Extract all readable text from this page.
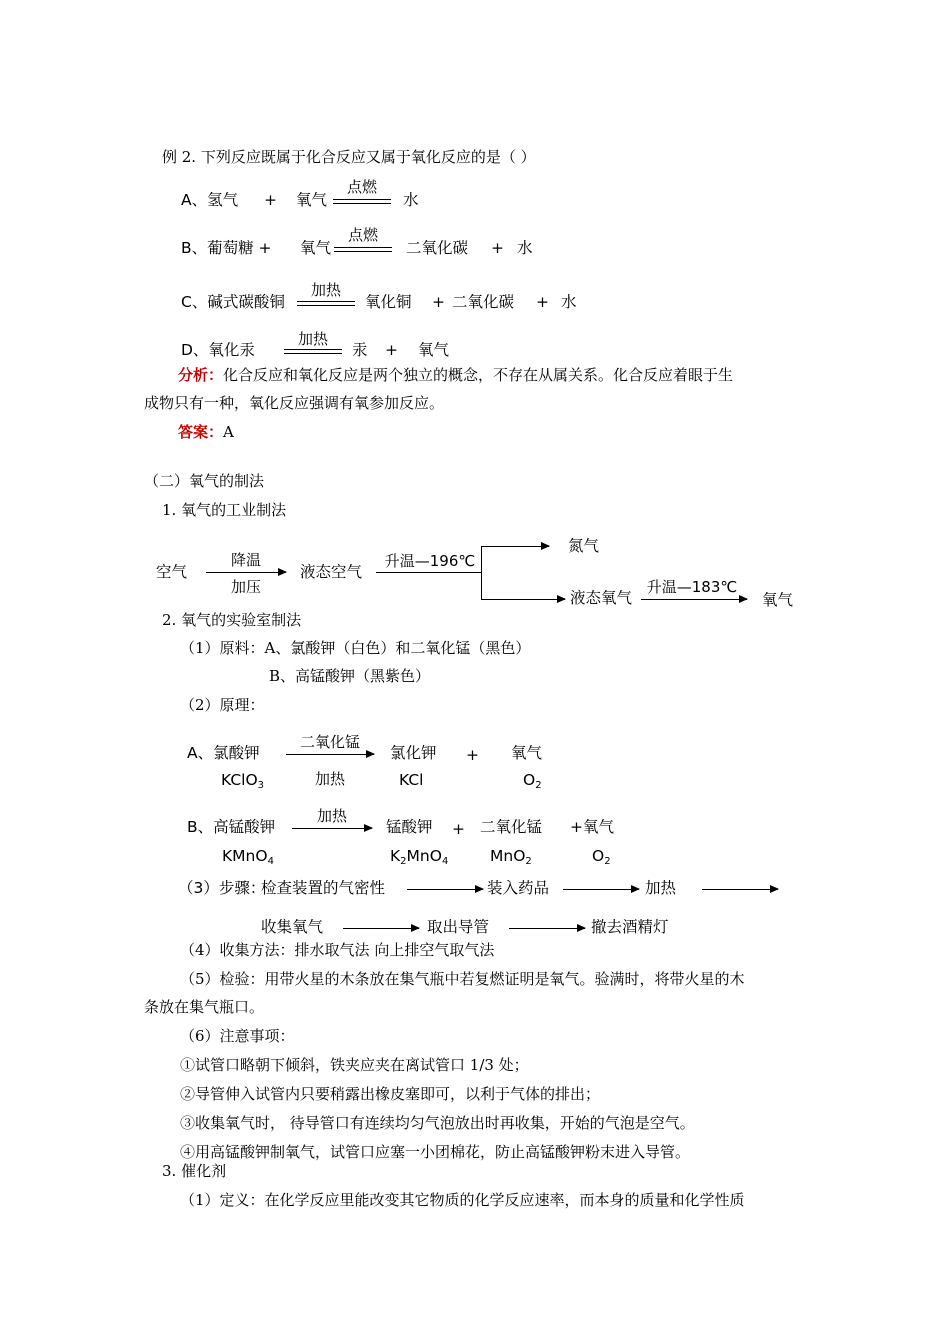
例 2. 下列反应既属于化合反应又属于氧化反应的是（ ）
A、氢气 + 氧气
点燃
水
B、葡萄糖 + 氧气
点燃
二氧化碳 + 水
C、碱式碳酸铜
加热
氧化铜 + 二氧化碳 + 水
D、氧化汞
加热
汞 + 氧气
分析：化合反应和氧化反应是两个独立的概念，不存在从属关系。化合反应着眼于生
成物只有一种，氧化反应强调有氧参加反应。
答案：A
（二）氧气的制法
1. 氧气的工业制法
空气
降温
加压
液态空气
升温—196℃
氮气
液态氧气
升温—183℃
氧气
2. 氧气的实验室制法
（1）原料：A、氯酸钾（白色）和二氧化锰（黑色）
B、高锰酸钾（黑紫色）
（2）原理：
A、氯酸钾
二氧化锰
加热
氯化钾 + 氧气
KClO$_3$	KCl	$O_2$
B、高锰酸钾
加热
锰酸钾 + 二氧化锰 +氧气
KMnO$_4$	$K_2MnO_4$	MnO$_2$	$O_2$
（3）步骤：
检查装置的气密性	装入药品	加热
收集氧气	取出导管	撤去酒精灯
（4）收集方法：排水取气法 向上排空气取气法
（5）检验：用带火星的木条放在集气瓶中若复燃证明是氧气。验满时，将带火星的木
条放在集气瓶口。
（6）注意事项：
①试管口略朝下倾斜，铁夹应夹在离试管口 1/3 处；
②导管伸入试管内只要稍露出橡皮塞即可，以利于气体的排出；
③收集氧气时， 待导管口有连续均匀气泡放出时再收集，开始的气泡是空气。
④用高锰酸钾制氧气，试管口应塞一小团棉花，防止高锰酸钾粉末进入导管。
3. 催化剂
（1）定义：在化学反应里能改变其它物质的化学反应速率，而本身的质量和化学性质
